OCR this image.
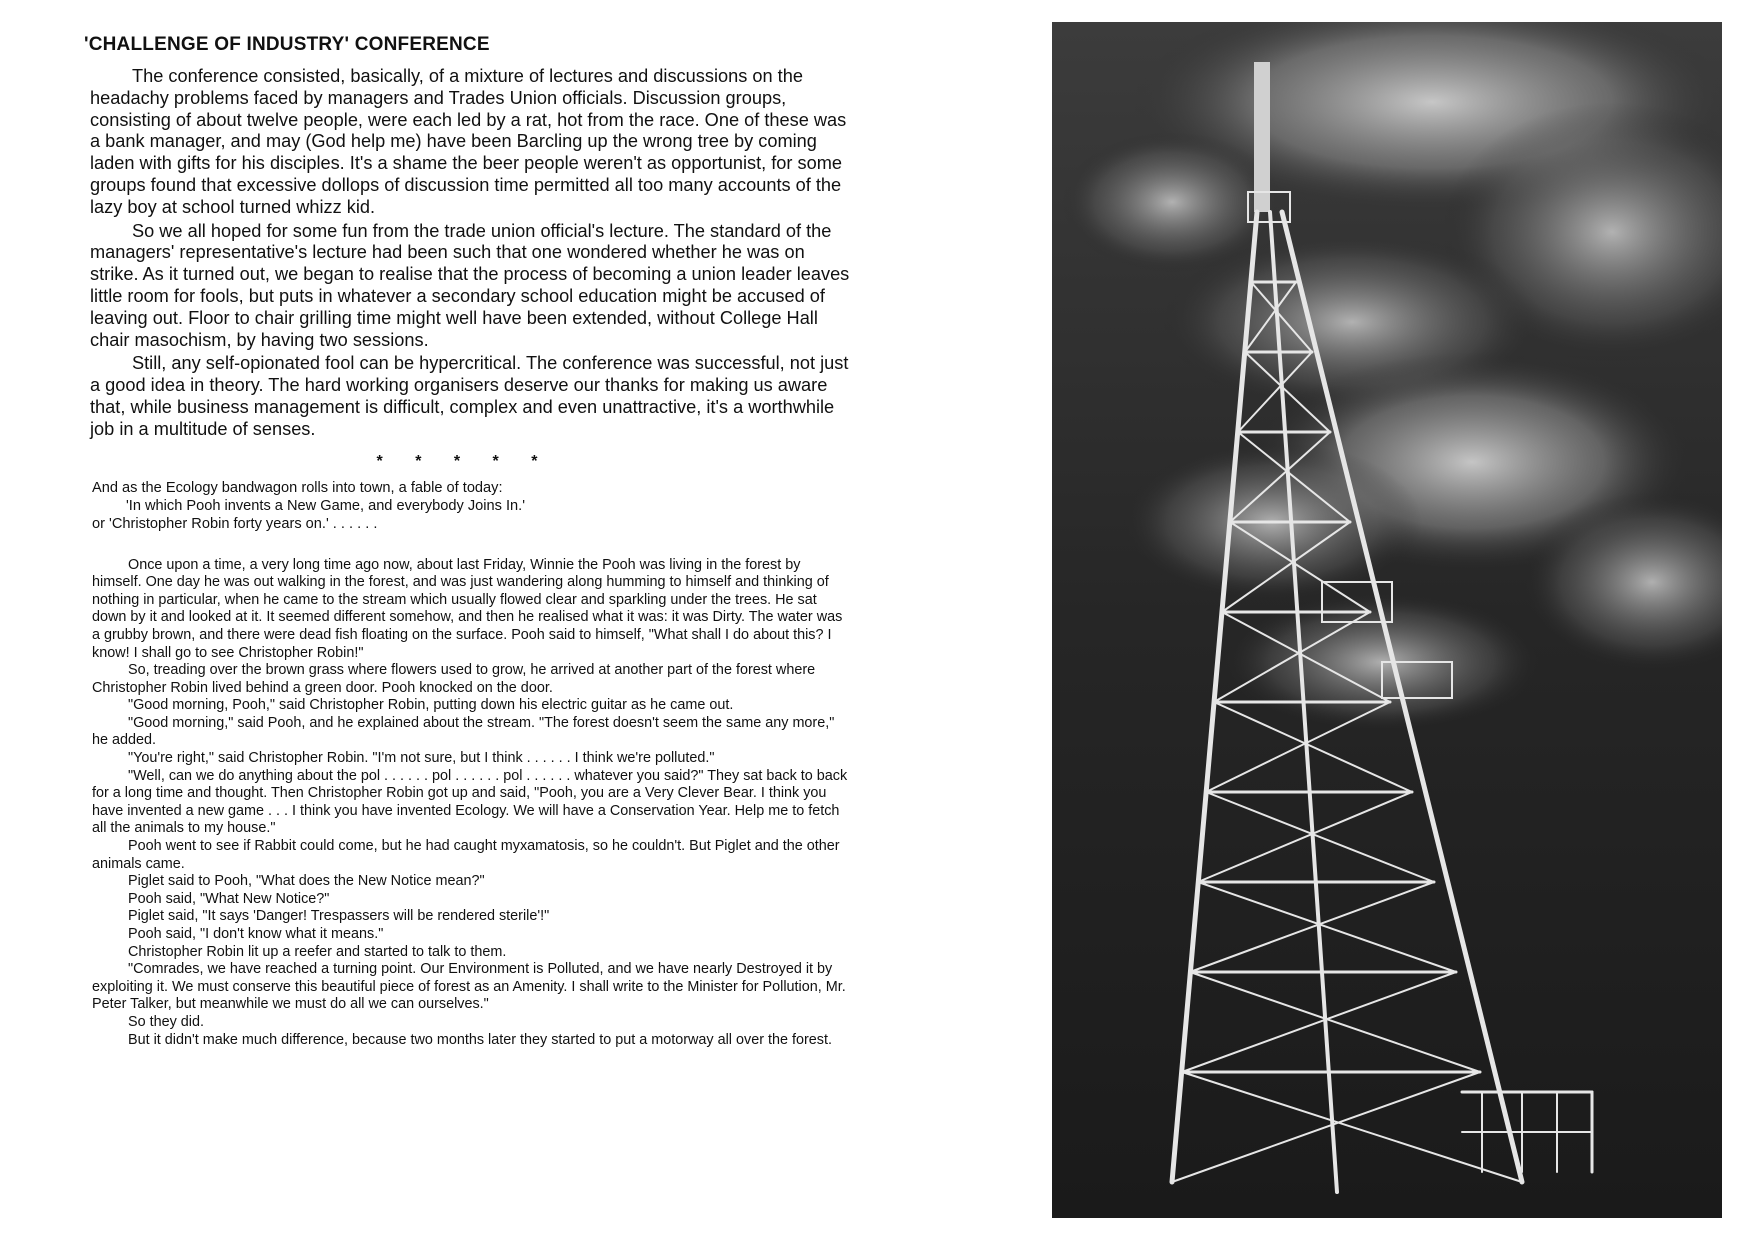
'CHALLENGE OF INDUSTRY' CONFERENCE

The conference consisted, basically, of a mixture of lectures and discussions on the headachy problems faced by managers and Trades Union officials. Discussion groups, consisting of about twelve people, were each led by a rat, hot from the race. One of these was a bank manager, and may (God help me) have been Barcling up the wrong tree by coming laden with gifts for his disciples. It's a shame the beer people weren't as opportunist, for some groups found that excessive dollops of discussion time permitted all too many accounts of the lazy boy at school turned whizz kid.

So we all hoped for some fun from the trade union official's lecture. The standard of the managers' representative's lecture had been such that one wondered whether he was on strike. As it turned out, we began to realise that the process of becoming a union leader leaves little room for fools, but puts in whatever a secondary school education might be accused of leaving out. Floor to chair grilling time might well have been extended, without College Hall chair masochism, by having two sessions.

Still, any self-opionated fool can be hypercritical. The conference was successful, not just a good idea in theory. The hard working organisers deserve our thanks for making us aware that, while business management is difficult, complex and even unattractive, it's a worthwhile job in a multitude of senses.

* * * * *
And as the Ecology bandwagon rolls into town, a fable of today:
'In which Pooh invents a New Game, and everybody Joins In.'
or 'Christopher Robin forty years on.' . . . . . .

Once upon a time, a very long time ago now, about last Friday, Winnie the Pooh was living in the forest by himself. One day he was out walking in the forest, and was just wandering along humming to himself and thinking of nothing in particular, when he came to the stream which usually flowed clear and sparkling under the trees. He sat down by it and looked at it. It seemed different somehow, and then he realised what it was: it was Dirty. The water was a grubby brown, and there were dead fish floating on the surface. Pooh said to himself, "What shall I do about this? I know! I shall go to see Christopher Robin!"

So, treading over the brown grass where flowers used to grow, he arrived at another part of the forest where Christopher Robin lived behind a green door. Pooh knocked on the door.

"Good morning, Pooh," said Christopher Robin, putting down his electric guitar as he came out.

"Good morning," said Pooh, and he explained about the stream. "The forest doesn't seem the same any more," he added.

"You're right," said Christopher Robin. "I'm not sure, but I think . . . . . . I think we're polluted."

"Well, can we do anything about the pol . . . . . . pol . . . . . . pol . . . . . . whatever you said?" They sat back to back for a long time and thought. Then Christopher Robin got up and said, "Pooh, you are a Very Clever Bear. I think you have invented a new game . . . I think you have invented Ecology. We will have a Conservation Year. Help me to fetch all the animals to my house."

Pooh went to see if Rabbit could come, but he had caught myxamatosis, so he couldn't. But Piglet and the other animals came.

Piglet said to Pooh, "What does the New Notice mean?"

Pooh said, "What New Notice?"

Piglet said, "It says 'Danger! Trespassers will be rendered sterile'!"

Pooh said, "I don't know what it means."

Christopher Robin lit up a reefer and started to talk to them.

"Comrades, we have reached a turning point. Our Environment is Polluted, and we have nearly Destroyed it by exploiting it. We must conserve this beautiful piece of forest as an Amenity. I shall write to the Minister for Pollution, Mr. Peter Talker, but meanwhile we must do all we can ourselves."

So they did.

But it didn't make much difference, because two months later they started to put a motorway all over the forest.
